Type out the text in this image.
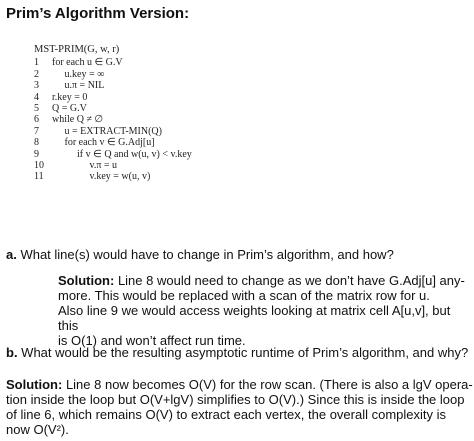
Prim’s Algorithm Version:
MST-PRIM(G, w, r)
1	for each u ∈ G.V
2	u.key = ∞
3	u.π = NIL
4	r.key = 0
5	Q = G.V
6	while Q ≠ ∅
7	u = EXTRACT-MIN(Q)
8	for each v ∈ G.Adj[u]
9	if v ∈ Q and w(u, v) < v.key
10 v.π = u
11 v.key = w(u, v)
a. What line(s) would have to change in Prim’s algorithm, and how?
Solution: Line 8 would need to change as we don’t have G.Adj[u] any-
more. This would be replaced with a scan of the matrix row for u.
Also line 9 we would access weights looking at matrix cell A[u,v], but this
is O(1) and won’t affect run time.
b. What would be the resulting asymptotic runtime of Prim’s algorithm, and why?
Solution: Line 8 now becomes O(V) for the row scan. (There is also a lgV opera-
tion inside the loop but O(V+lgV) simplifies to O(V).) Since this is inside the loop
of line 6, which remains O(V) to extract each vertex, the overall complexity is
now O(V²).
